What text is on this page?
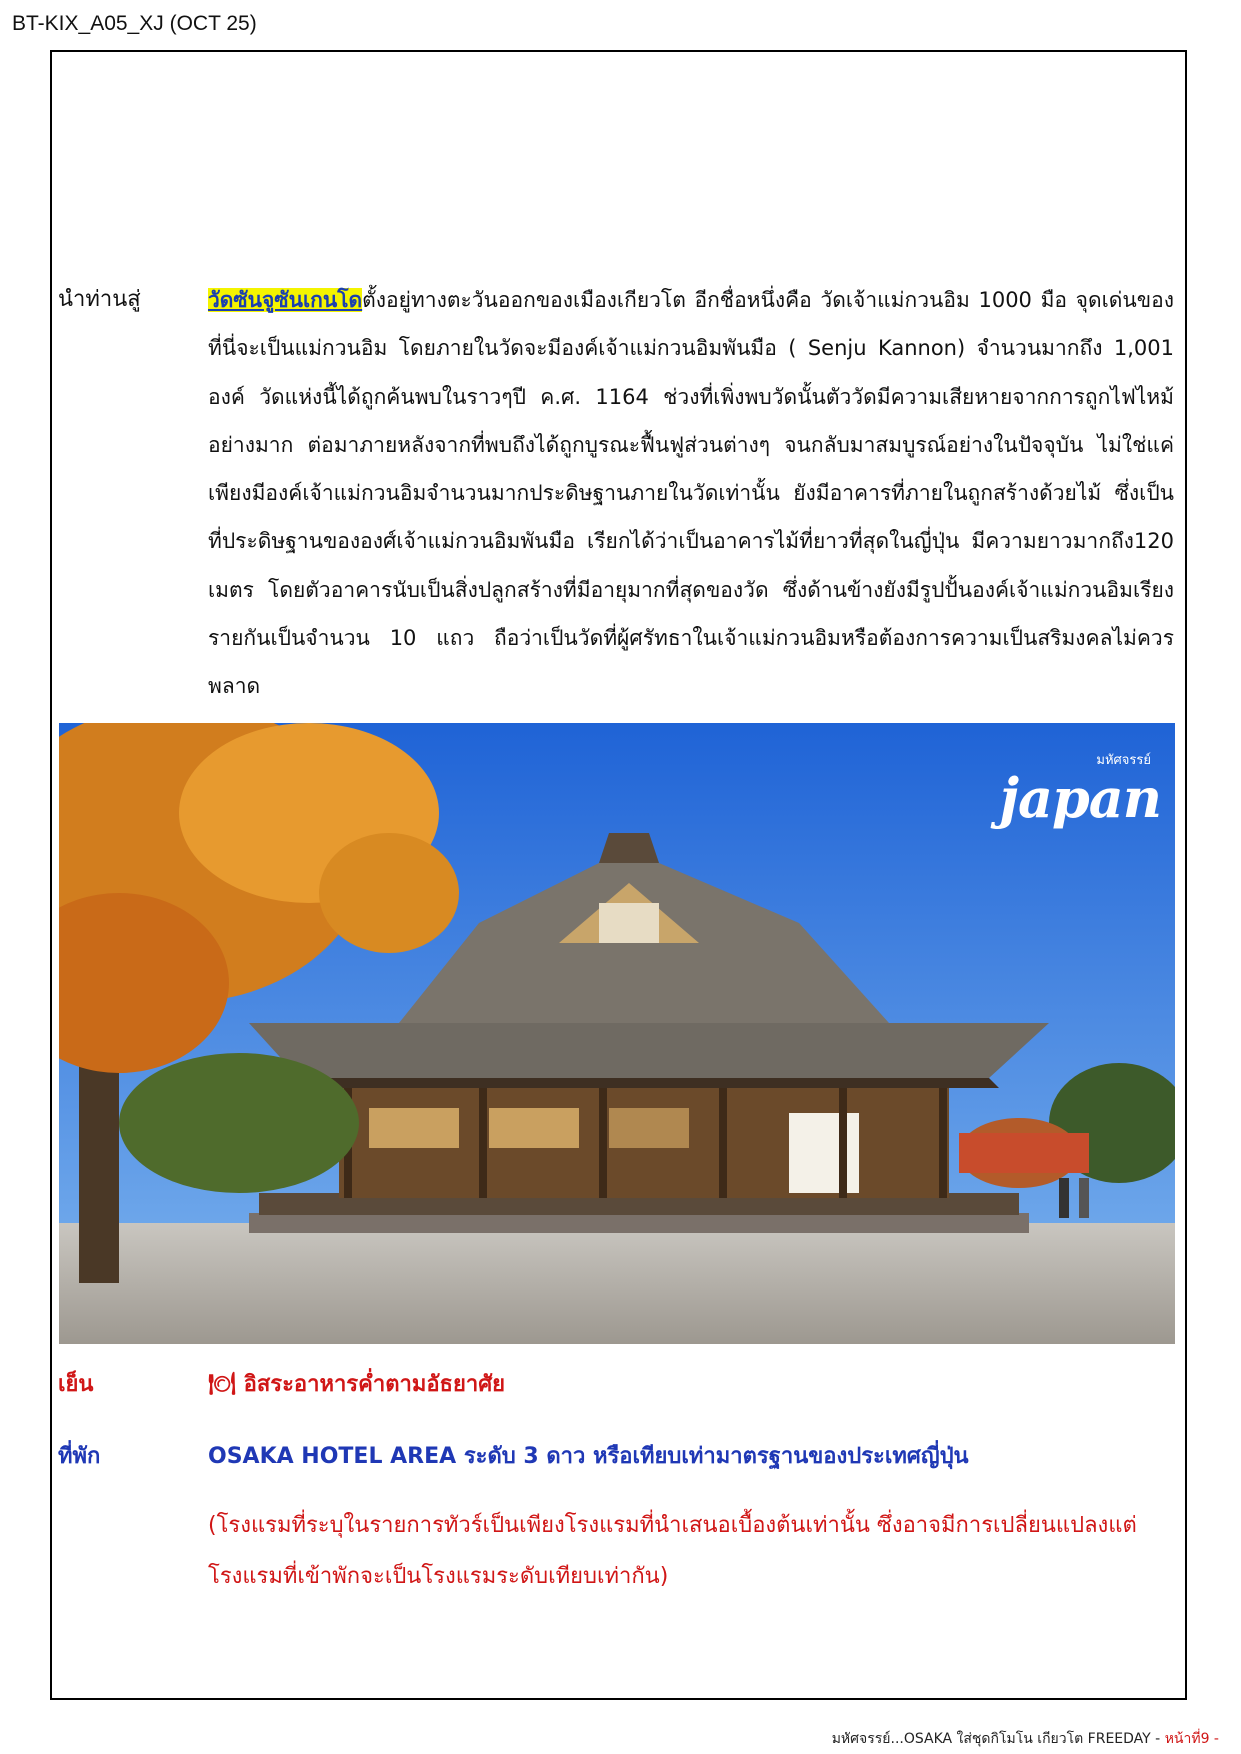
BT-KIX_A05_XJ (OCT 25)
นำท่านสู่	วัดซันจูซันเกนโดตั้งอยู่ทางตะวันออกของเมืองเกียวโต อีกชื่อหนึ่งคือ วัดเจ้าแม่กวนอิม 1000 มือ จุดเด่นของที่นี่จะเป็นแม่กวนอิม โดยภายในวัดจะมีองค์เจ้าแม่กวนอิมพันมือ ( Senju Kannon) จำนวนมากถึง 1,001 องค์ วัดแห่งนี้ได้ถูกค้นพบในราวๆปี ค.ศ. 1164 ช่วงที่เพิ่งพบวัดนั้นตัววัดมีความเสียหายจากการถูกไฟไหม้อย่างมาก ต่อมาภายหลังจากที่พบถึงได้ถูกบูรณะฟื้นฟูส่วนต่างๆ จนกลับมาสมบูรณ์อย่างในปัจจุบัน ไม่ใช่แค่เพียงมีองค์เจ้าแม่กวนอิมจำนวนมากประดิษฐานภายในวัดเท่านั้น ยังมีอาคารที่ภายในถูกสร้างด้วยไม้ ซึ่งเป็นที่ประดิษฐานขององศ์เจ้าแม่กวนอิมพันมือ เรียกได้ว่าเป็นอาคารไม้ที่ยาวที่สุดในญี่ปุ่น มีความยาวมากถึง120 เมตร โดยตัวอาคารนับเป็นสิ่งปลูกสร้างที่มีอายุมากที่สุดของวัด ซึ่งด้านข้างยังมีรูปปั้นองค์เจ้าแม่กวนอิมเรียงรายกันเป็นจำนวน 10 แถว ถือว่าเป็นวัดที่ผู้ศรัทธาในเจ้าแม่กวนอิมหรือต้องการความเป็นสริมงคลไม่ควรพลาด
มหัศจรรย์
japan
เย็น	🍽 อิสระอาหารค่ำตามอัธยาศัย
ที่พัก	OSAKA HOTEL AREA ระดับ 3 ดาว หรือเทียบเท่ามาตรฐานของประเทศญี่ปุ่น
(โรงแรมที่ระบุในรายการทัวร์เป็นเพียงโรงแรมที่นำเสนอเบื้องต้นเท่านั้น ซึ่งอาจมีการเปลี่ยนแปลงแต่โรงแรมที่เข้าพักจะเป็นโรงแรมระดับเทียบเท่ากัน)
มหัศจรรย์...OSAKA ใส่ชุดกิโมโน เกียวโต FREEDAY - หน้าที่9 -
